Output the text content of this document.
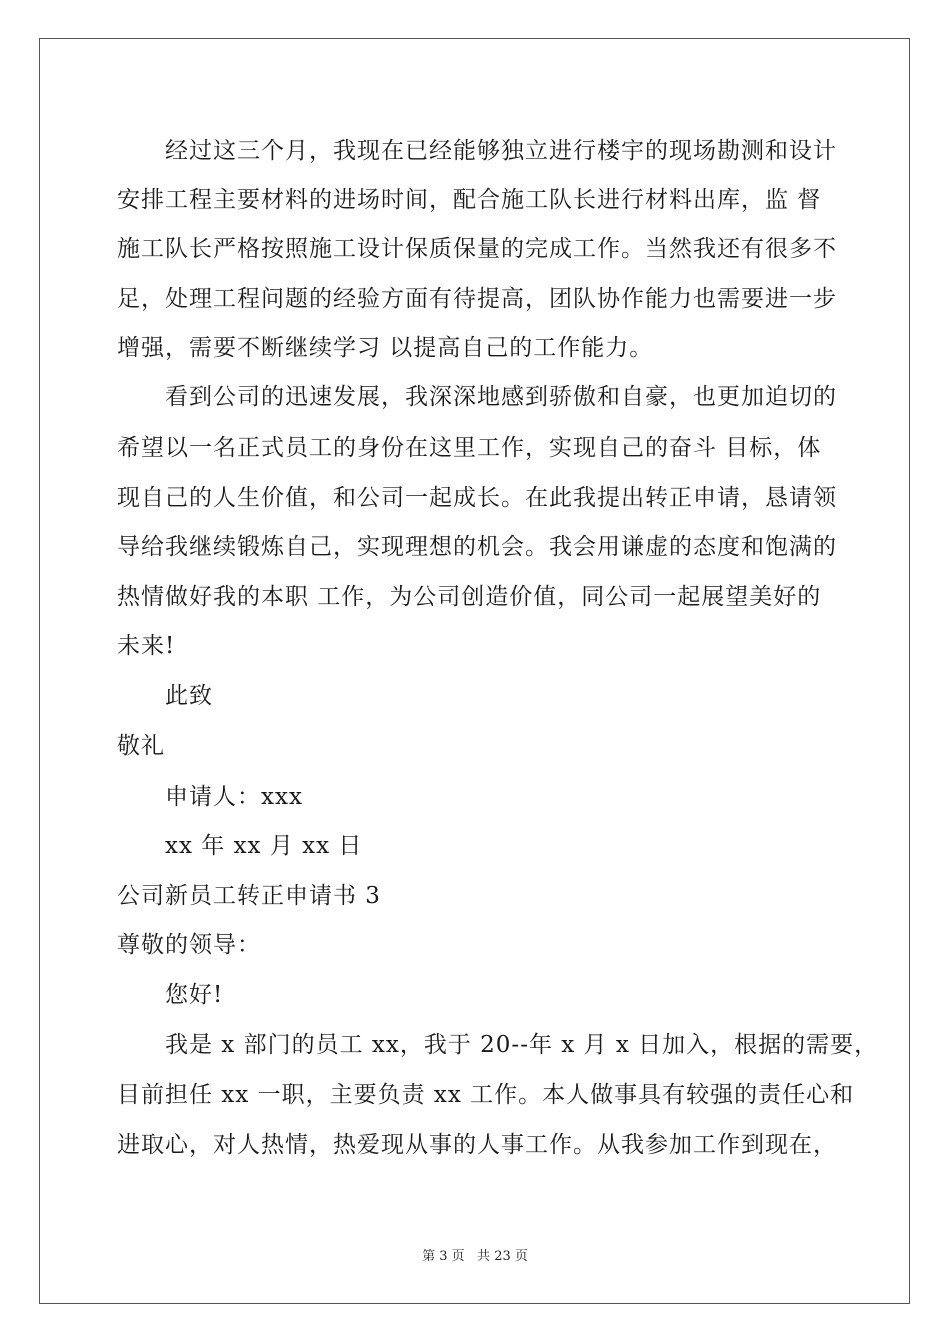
经过这三个月，我现在已经能够独立进行楼宇的现场勘测和设计
安排工程主要材料的进场时间，配合施工队长进行材料出库，监 督
施工队长严格按照施工设计保质保量的完成工作。当然我还有很多不
足，处理工程问题的经验方面有待提高，团队协作能力也需要进一步
增强，需要不断继续学习 以提高自己的工作能力。
看到公司的迅速发展，我深深地感到骄傲和自豪，也更加迫切的
希望以一名正式员工的身份在这里工作，实现自己的奋斗 目标，体
现自己的人生价值，和公司一起成长。在此我提出转正申请，恳请领
导给我继续锻炼自己，实现理想的机会。我会用谦虚的态度和饱满的
热情做好我的本职 工作，为公司创造价值，同公司一起展望美好的
未来!
此致
敬礼
申请人：xxx
xx 年 xx 月 xx 日
公司新员工转正申请书 3
尊敬的领导：
您好!
我是 x 部门的员工 xx，我于 20--年 x 月 x 日加入，根据的需要，
目前担任 xx 一职，主要负责 xx 工作。本人做事具有较强的责任心和
进取心，对人热情，热爱现从事的人事工作。从我参加工作到现在，
第 3 页   共 23 页
